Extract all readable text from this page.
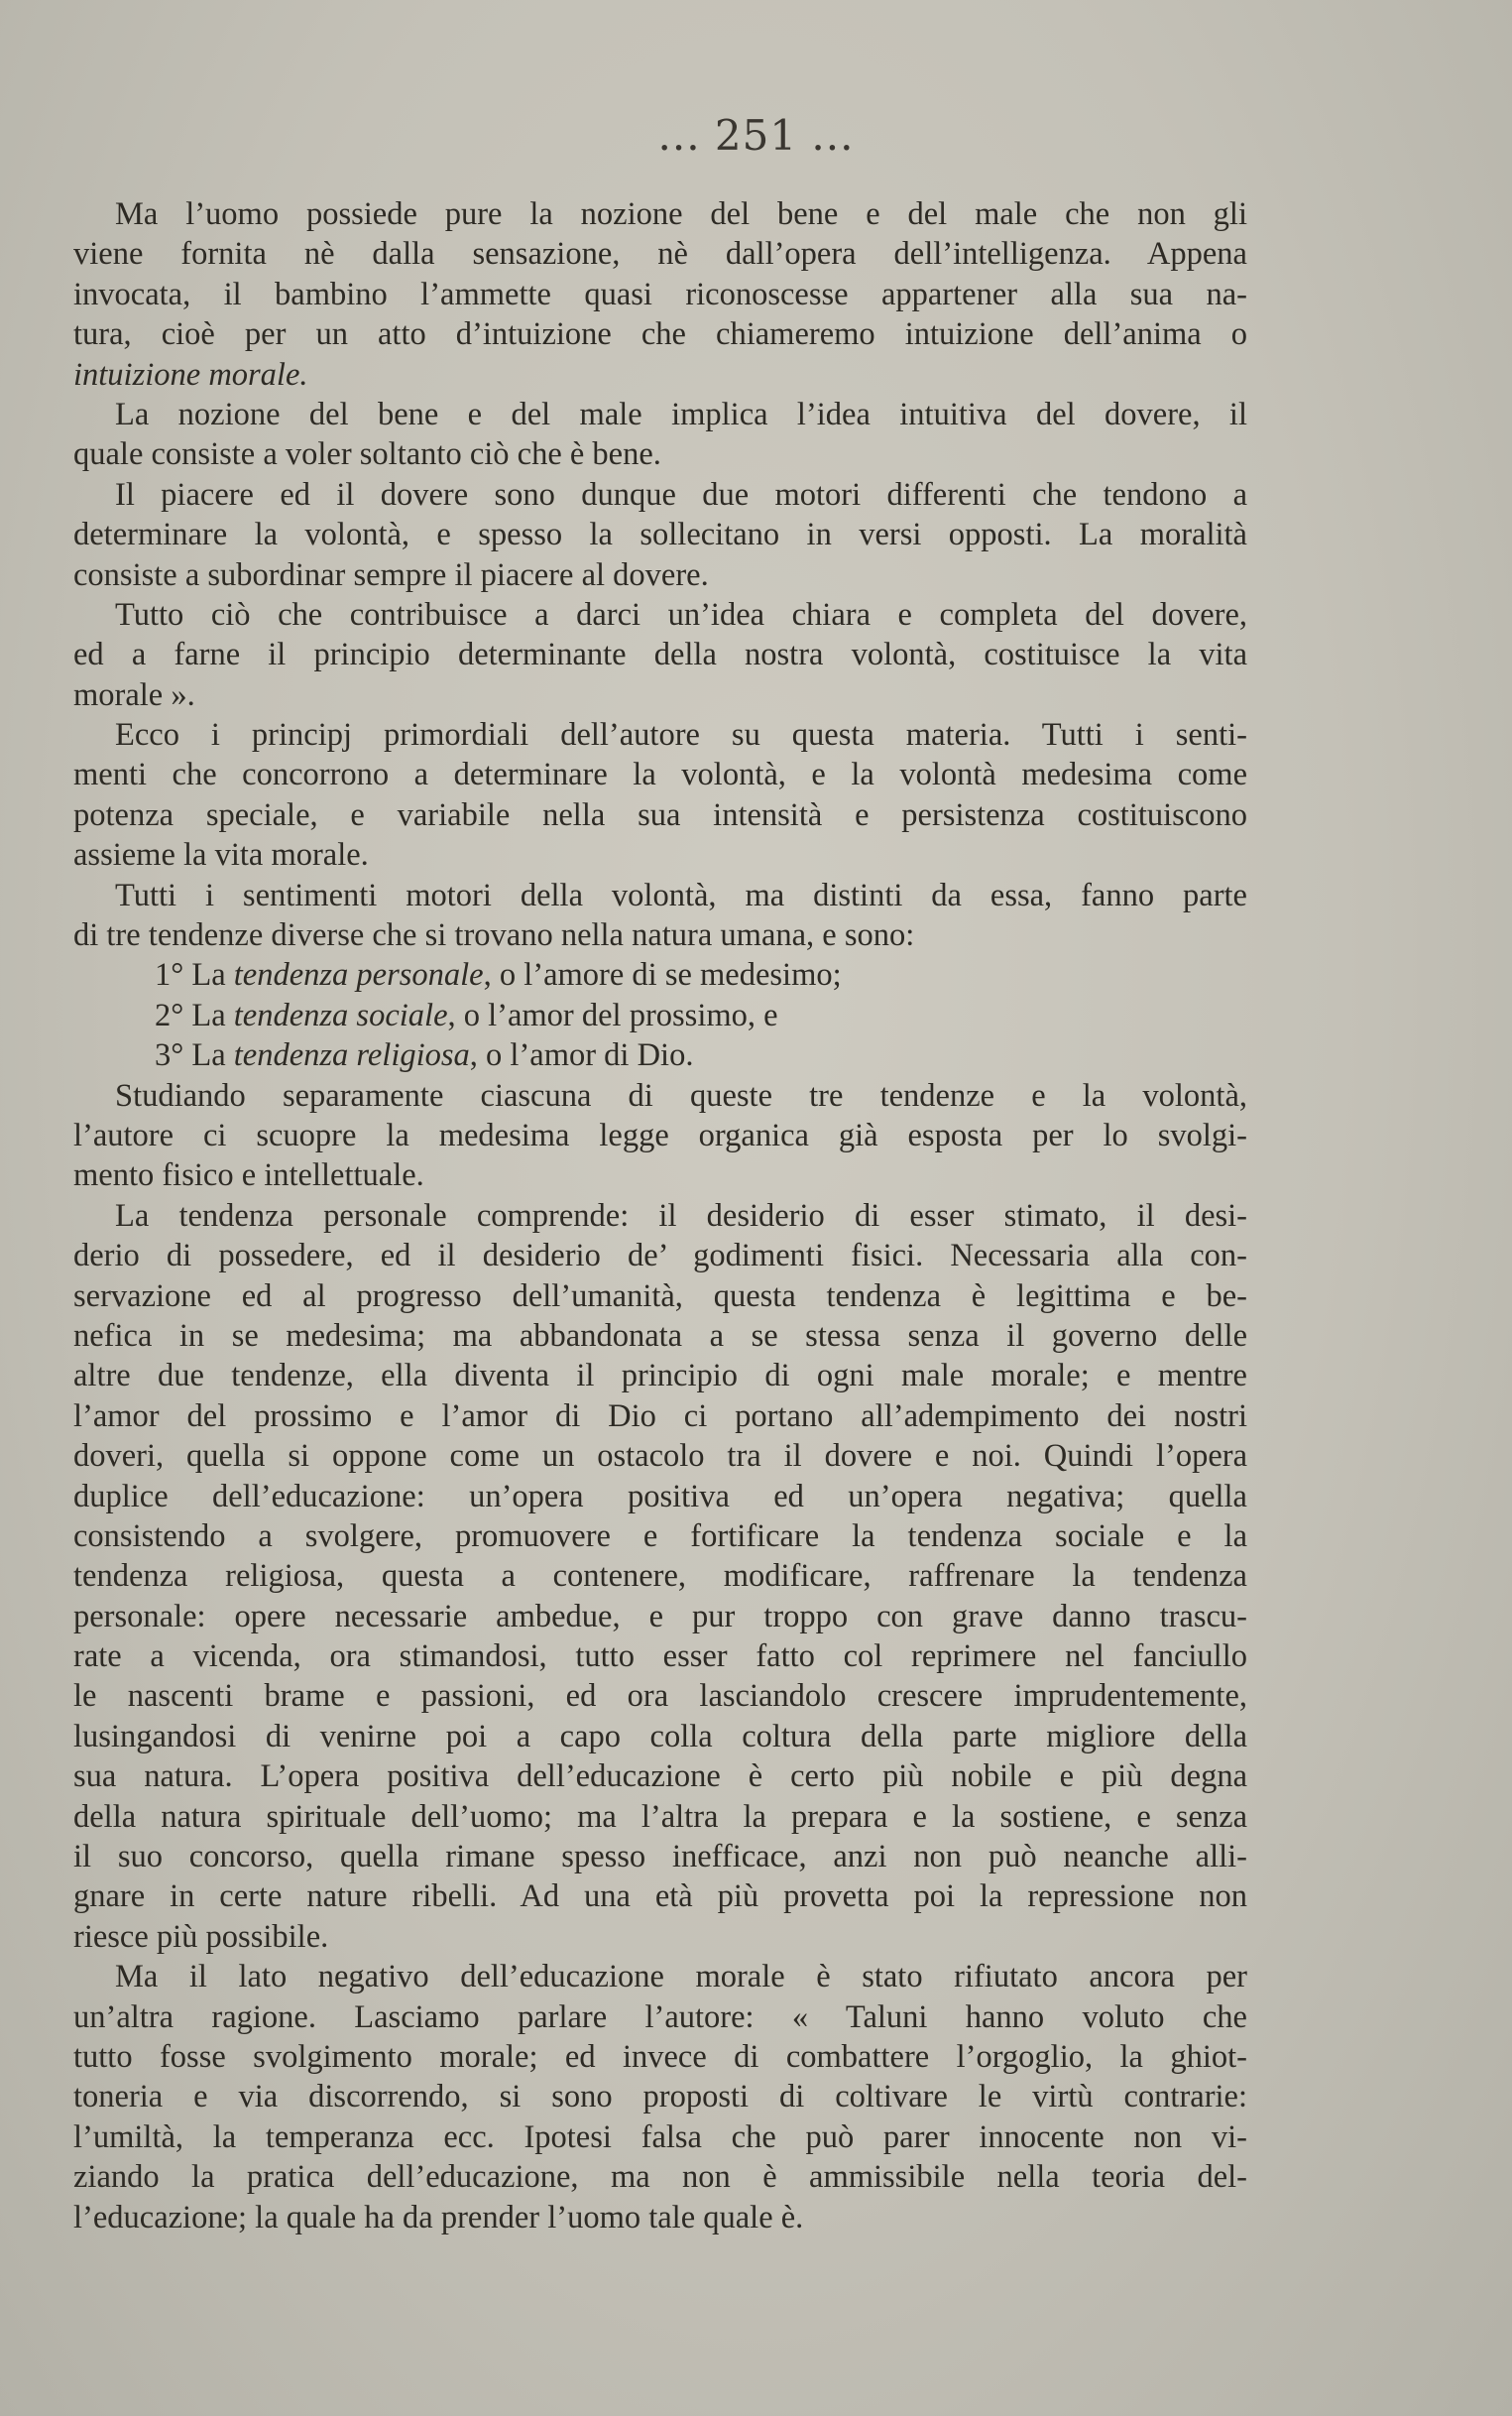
... 251 ...
Ma l’uomo possiede pure la nozione del bene e del male che non gli
viene fornita nè dalla sensazione, nè dall’opera dell’intelligenza. Appena
invocata, il bambino l’ammette quasi riconoscesse appartener alla sua na-
tura, cioè per un atto d’intuizione che chiameremo intuizione dell’anima o
intuizione morale.
La nozione del bene e del male implica l’idea intuitiva del dovere, il
quale consiste a voler soltanto ciò che è bene.
Il piacere ed il dovere sono dunque due motori differenti che tendono a
determinare la volontà, e spesso la sollecitano in versi opposti. La moralità
consiste a subordinar sempre il piacere al dovere.
Tutto ciò che contribuisce a darci un’idea chiara e completa del dovere,
ed a farne il principio determinante della nostra volontà, costituisce la vita
morale ».
Ecco i principj primordiali dell’autore su questa materia. Tutti i senti-
menti che concorrono a determinare la volontà, e la volontà medesima come
potenza speciale, e variabile nella sua intensità e persistenza costituiscono
assieme la vita morale.
Tutti i sentimenti motori della volontà, ma distinti da essa, fanno parte
di tre tendenze diverse che si trovano nella natura umana, e sono:
1° La tendenza personale, o l’amore di se medesimo;
2° La tendenza sociale, o l’amor del prossimo, e
3° La tendenza religiosa, o l’amor di Dio.
Studiando separamente ciascuna di queste tre tendenze e la volontà,
l’autore ci scuopre la medesima legge organica già esposta per lo svolgi-
mento fisico e intellettuale.
La tendenza personale comprende: il desiderio di esser stimato, il desi-
derio di possedere, ed il desiderio de’ godimenti fisici. Necessaria alla con-
servazione ed al progresso dell’umanità, questa tendenza è legittima e be-
nefica in se medesima; ma abbandonata a se stessa senza il governo delle
altre due tendenze, ella diventa il principio di ogni male morale; e mentre
l’amor del prossimo e l’amor di Dio ci portano all’adempimento dei nostri
doveri, quella si oppone come un ostacolo tra il dovere e noi. Quindi l’opera
duplice dell’educazione: un’opera positiva ed un’opera negativa; quella
consistendo a svolgere, promuovere e fortificare la tendenza sociale e la
tendenza religiosa, questa a contenere, modificare, raffrenare la tendenza
personale: opere necessarie ambedue, e pur troppo con grave danno trascu-
rate a vicenda, ora stimandosi, tutto esser fatto col reprimere nel fanciullo
le nascenti brame e passioni, ed ora lasciandolo crescere imprudentemente,
lusingandosi di venirne poi a capo colla coltura della parte migliore della
sua natura. L’opera positiva dell’educazione è certo più nobile e più degna
della natura spirituale dell’uomo; ma l’altra la prepara e la sostiene, e senza
il suo concorso, quella rimane spesso inefficace, anzi non può neanche alli-
gnare in certe nature ribelli. Ad una età più provetta poi la repressione non
riesce più possibile.
Ma il lato negativo dell’educazione morale è stato rifiutato ancora per
un’altra ragione. Lasciamo parlare l’autore: « Taluni hanno voluto che
tutto fosse svolgimento morale; ed invece di combattere l’orgoglio, la ghiot-
toneria e via discorrendo, si sono proposti di coltivare le virtù contrarie:
l’umiltà, la temperanza ecc. Ipotesi falsa che può parer innocente non vi-
ziando la pratica dell’educazione, ma non è ammissibile nella teoria del-
l’educazione; la quale ha da prender l’uomo tale quale è.
